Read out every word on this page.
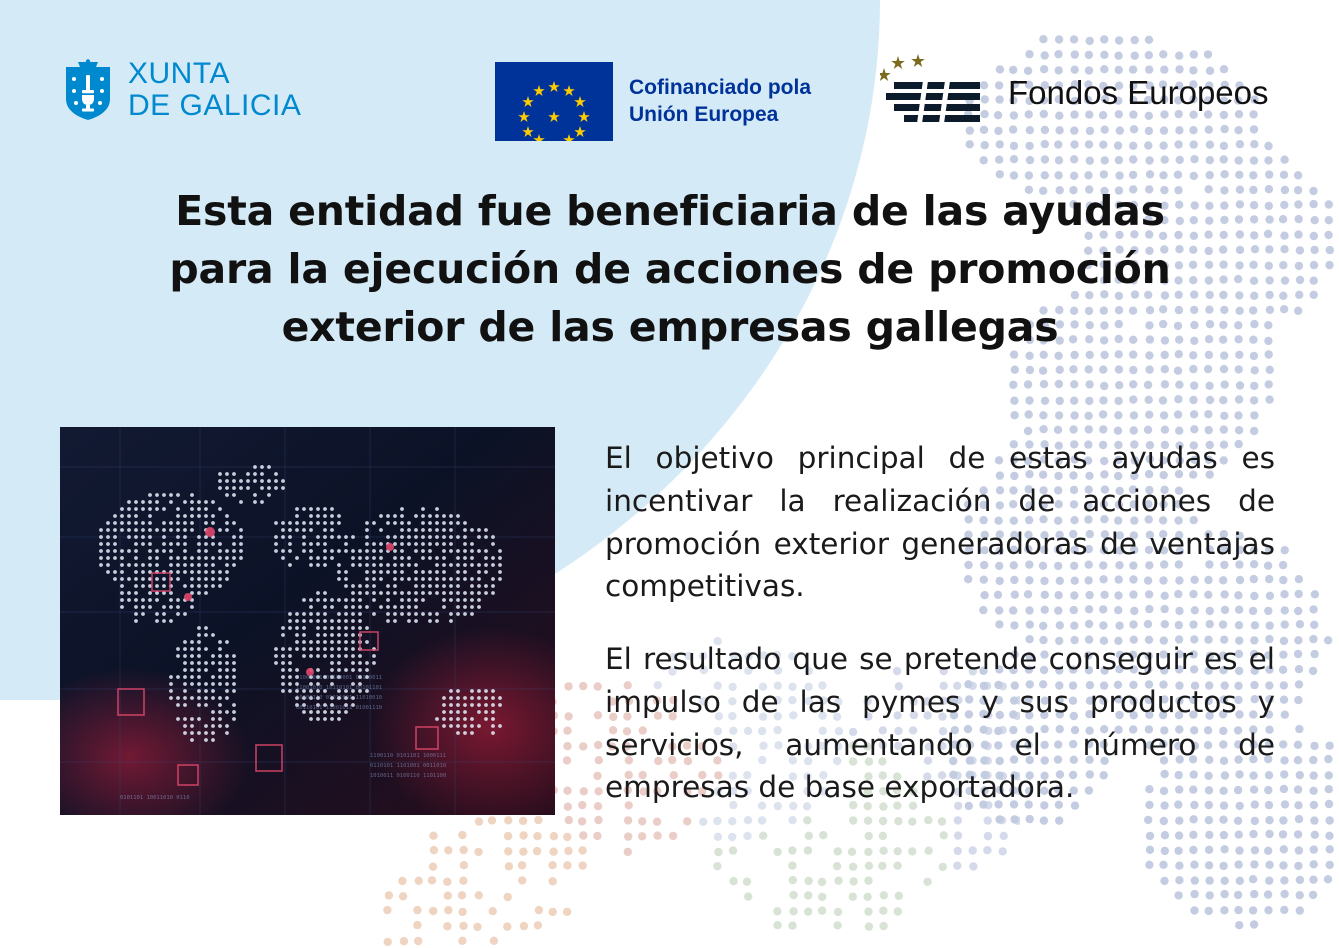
XUNTA
DE GALICIA
Cofinanciado pola
Unión Europea
Fondos Europeos
Esta entidad fue beneficiaria de las ayudas
para la ejecución de acciones de promoción
exterior de las empresas gallegas
01001011 01100001 01110011
11001010 10110101 00101101
10100110 01011001 11010010
00110101 11001011 01001110
1100110 0101101 1000111
0110101 1101001 0011010
1010011 0100110 1101100
0101101 10011010 0110

El objetivo principal de estas ayudas es incentivar la realización de acciones de promoción exterior generadoras de ventajas competitivas.

El resultado que se pretende conseguir es el impulso de las pymes y sus productos y servicios, aumentando el número de empresas de base exportadora.
